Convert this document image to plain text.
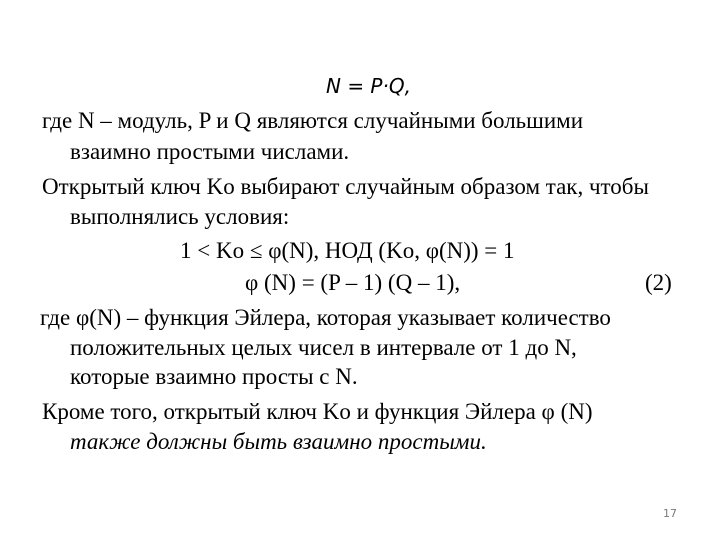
N = P·Q,
где N – модуль, P и Q являются случайными большими
взаимно простыми числами.
Открытый ключ Ko выбирают случайным образом так, чтобы
выполнялись условия:
1 < Ko ≤ φ(N), НОД (Ko, φ(N)) = 1
φ (N) = (P – 1) (Q – 1),	(2)
где φ(N) – функция Эйлера, которая указывает количество
положительных целых чисел в интервале от 1 до N,
которые взаимно просты с N.
Кроме того, открытый ключ Ko и функция Эйлера φ (N)
также должны быть взаимно простыми.
17
